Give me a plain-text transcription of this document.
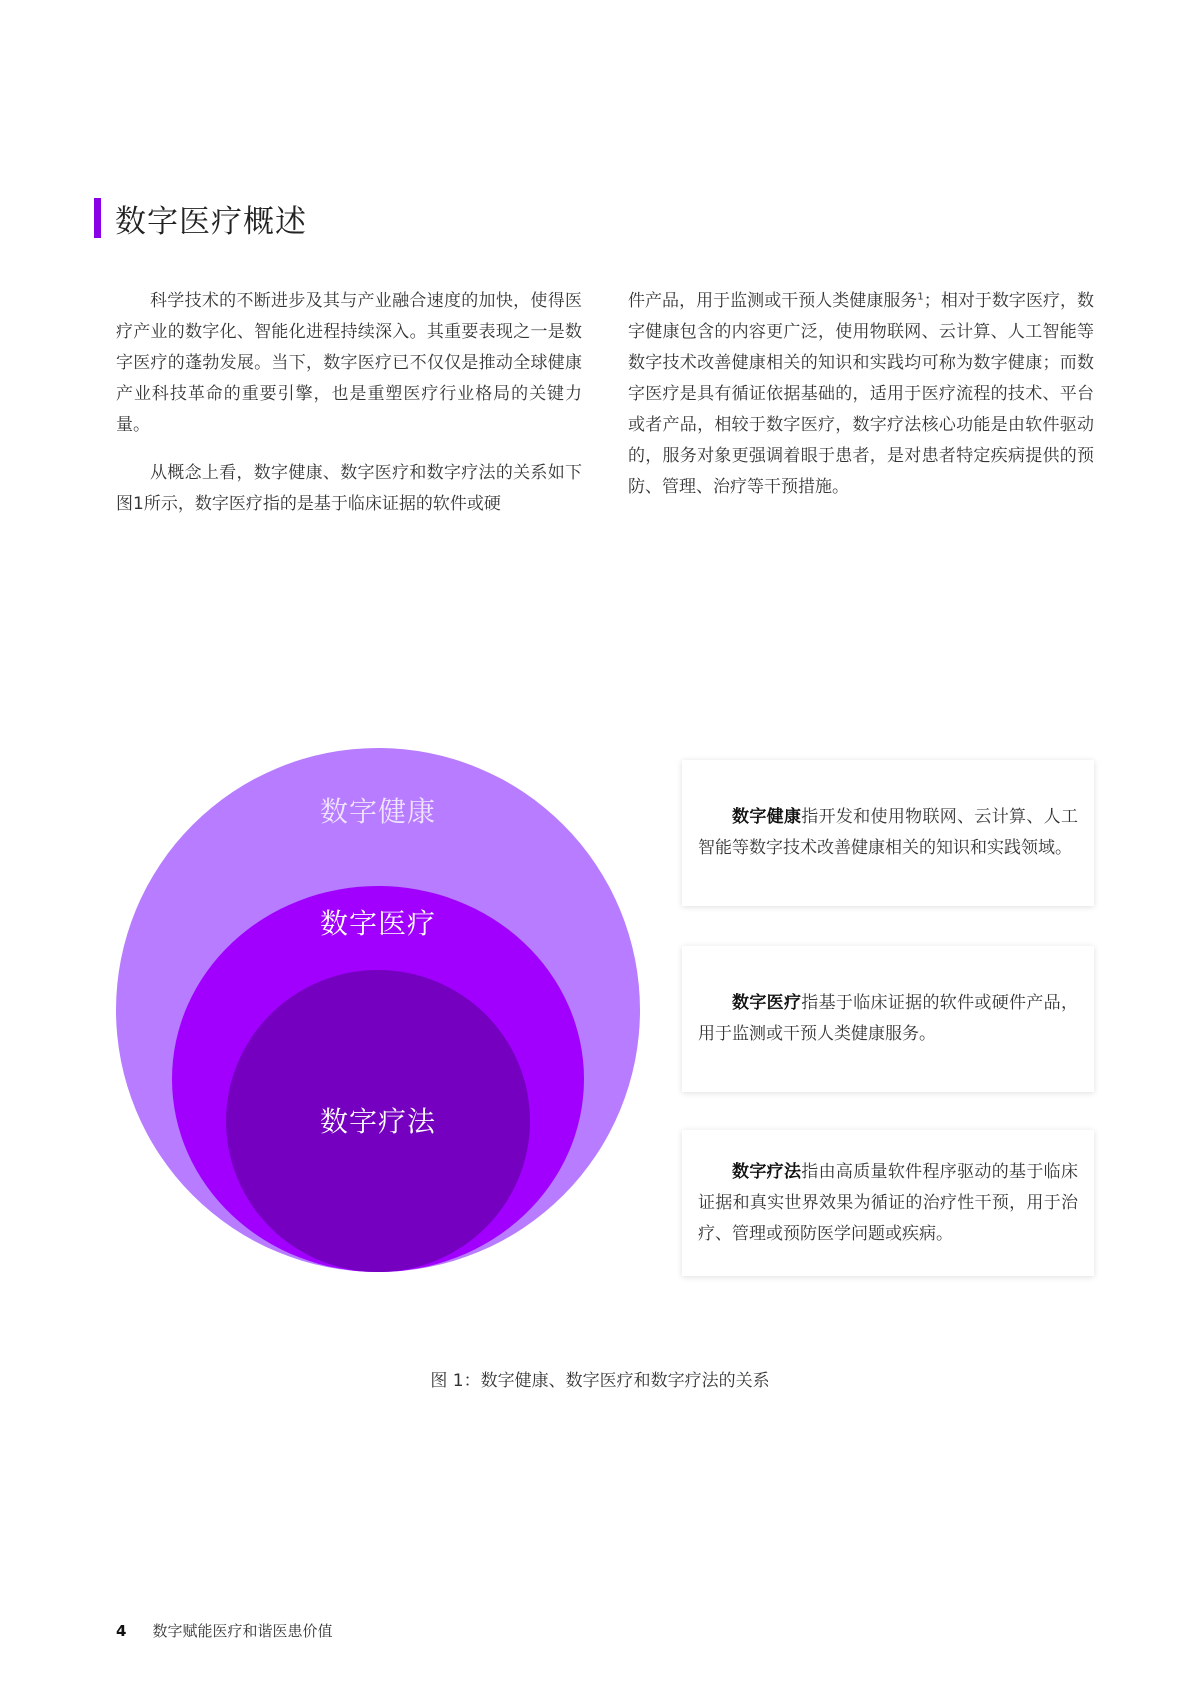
数字医疗概述

科学技术的不断进步及其与产业融合速度的加快，使得医疗产业的数字化、智能化进程持续深入。其重要表现之一是数字医疗的蓬勃发展。当下，数字医疗已不仅仅是推动全球健康产业科技革命的重要引擎，也是重塑医疗行业格局的关键力量。

从概念上看，数字健康、数字医疗和数字疗法的关系如下图1所示，数字医疗指的是基于临床证据的软件或硬

件产品，用于监测或干预人类健康服务$^1$；相对于数字医疗，数字健康包含的内容更广泛，使用物联网、云计算、人工智能等数字技术改善健康相关的知识和实践均可称为数字健康；而数字医疗是具有循证依据基础的，适用于医疗流程的技术、平台或者产品，相较于数字医疗，数字疗法核心功能是由软件驱动的，服务对象更强调着眼于患者，是对患者特定疾病提供的预防、管理、治疗等干预措施。

数字健康
数字医疗
数字疗法

数字健康指开发和使用物联网、云计算、人工智能等数字技术改善健康相关的知识和实践领域。

数字医疗指基于临床证据的软件或硬件产品，用于监测或干预人类健康服务。

数字疗法指由高质量软件程序驱动的基于临床证据和真实世界效果为循证的治疗性干预，用于治疗、管理或预防医学问题或疾病。

图 1：数字健康、数字医疗和数字疗法的关系
4 数字赋能医疗和谐医患价值
